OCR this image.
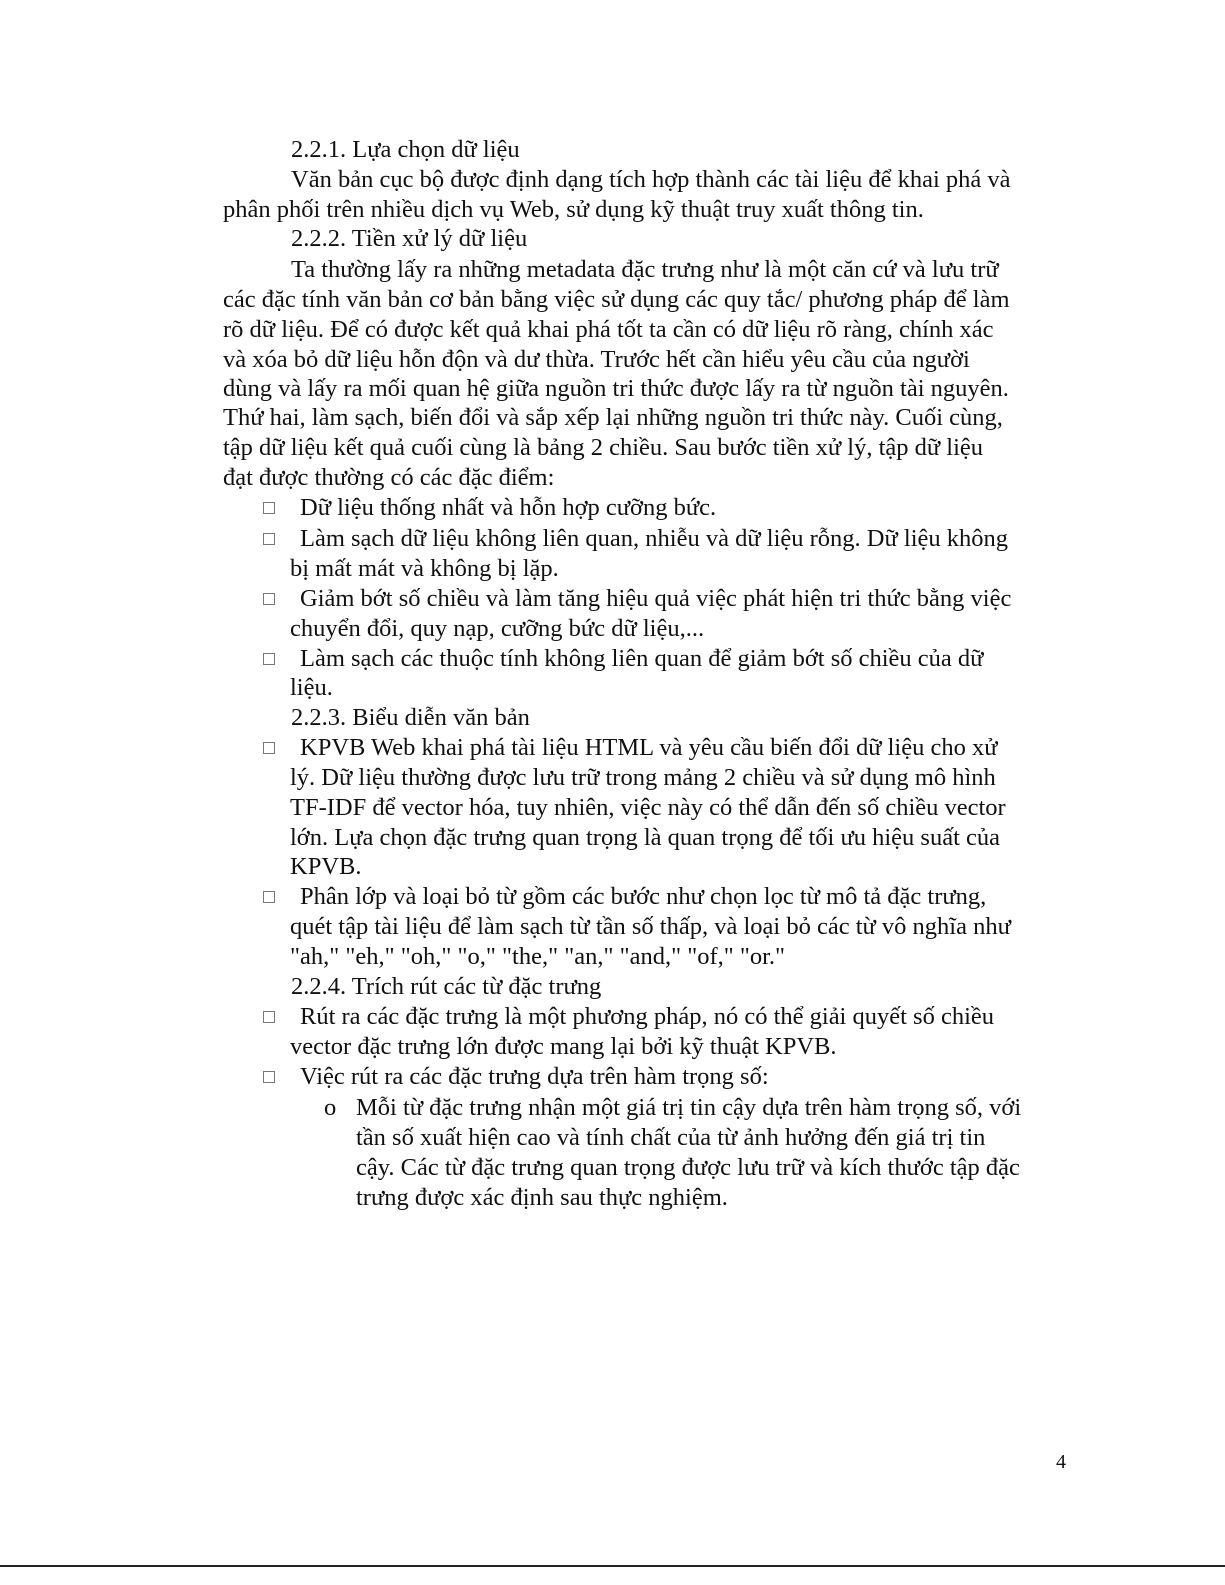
2.2.1. Lựa chọn dữ liệu
Văn bản cục bộ được định dạng tích hợp thành các tài liệu để khai phá và
phân phối trên nhiều dịch vụ Web, sử dụng kỹ thuật truy xuất thông tin.
2.2.2. Tiền xử lý dữ liệu
Ta thường lấy ra những metadata đặc trưng như là một căn cứ và lưu trữ
các đặc tính văn bản cơ bản bằng việc sử dụng các quy tắc/ phương pháp để làm
rõ dữ liệu. Để có được kết quả khai phá tốt ta cần có dữ liệu rõ ràng, chính xác
và xóa bỏ dữ liệu hỗn độn và dư thừa. Trước hết cần hiểu yêu cầu của người
dùng và lấy ra mối quan hệ giữa nguồn tri thức được lấy ra từ nguồn tài nguyên.
Thứ hai, làm sạch, biến đổi và sắp xếp lại những nguồn tri thức này. Cuối cùng,
tập dữ liệu kết quả cuối cùng là bảng 2 chiều. Sau bước tiền xử lý, tập dữ liệu
đạt được thường có các đặc điểm:
Dữ liệu thống nhất và hỗn hợp cưỡng bức.
Làm sạch dữ liệu không liên quan, nhiễu và dữ liệu rỗng. Dữ liệu không
bị mất mát và không bị lặp.
Giảm bớt số chiều và làm tăng hiệu quả việc phát hiện tri thức bằng việc
chuyển đổi, quy nạp, cưỡng bức dữ liệu,...
Làm sạch các thuộc tính không liên quan để giảm bớt số chiều của dữ
liệu.
2.2.3. Biểu diễn văn bản
KPVB Web khai phá tài liệu HTML và yêu cầu biến đổi dữ liệu cho xử
lý. Dữ liệu thường được lưu trữ trong mảng 2 chiều và sử dụng mô hình
TF-IDF để vector hóa, tuy nhiên, việc này có thể dẫn đến số chiều vector
lớn. Lựa chọn đặc trưng quan trọng là quan trọng để tối ưu hiệu suất của
KPVB.
Phân lớp và loại bỏ từ gồm các bước như chọn lọc từ mô tả đặc trưng,
quét tập tài liệu để làm sạch từ tần số thấp, và loại bỏ các từ vô nghĩa như
"ah," "eh," "oh," "o," "the," "an," "and," "of," "or."
2.2.4. Trích rút các từ đặc trưng
Rút ra các đặc trưng là một phương pháp, nó có thể giải quyết số chiều
vector đặc trưng lớn được mang lại bởi kỹ thuật KPVB.
Việc rút ra các đặc trưng dựa trên hàm trọng số:
o Mỗi từ đặc trưng nhận một giá trị tin cậy dựa trên hàm trọng số, với
tần số xuất hiện cao và tính chất của từ ảnh hưởng đến giá trị tin
cậy. Các từ đặc trưng quan trọng được lưu trữ và kích thước tập đặc
trưng được xác định sau thực nghiệm.
4
